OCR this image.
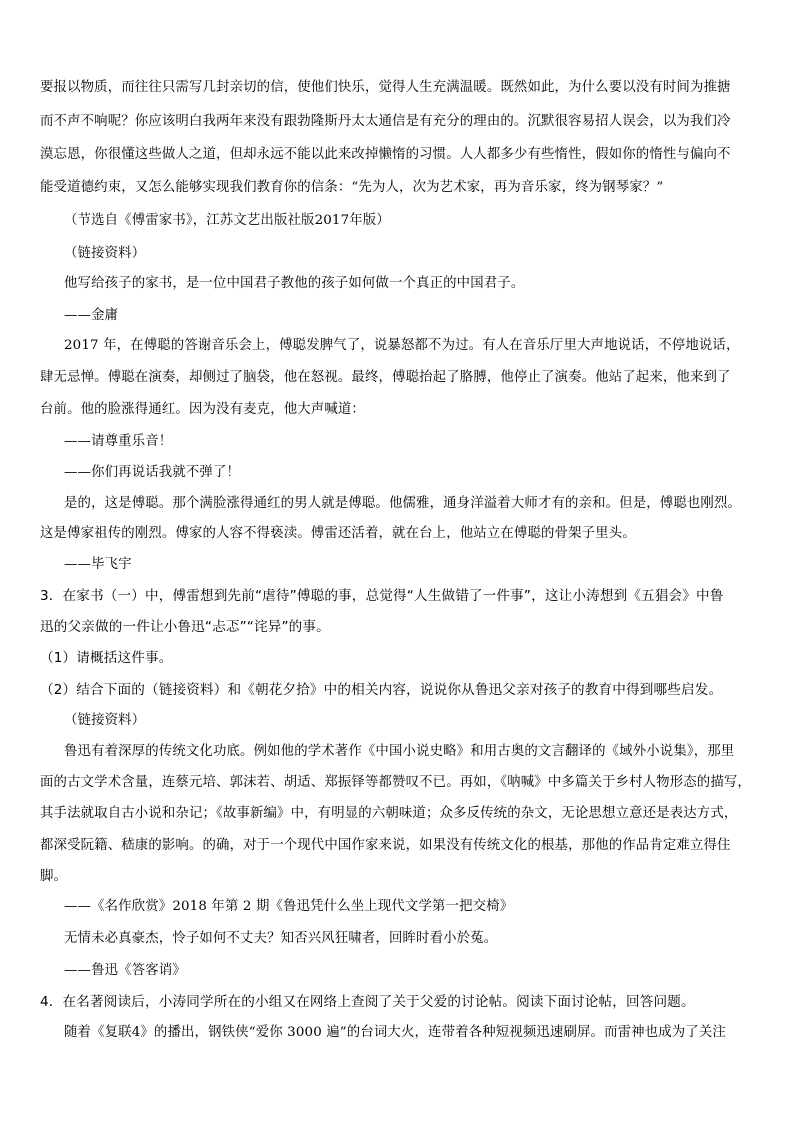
要报以物质，而往往只需写几封亲切的信，使他们快乐，觉得人生充满温暖。既然如此，为什么要以没有时间为推搪
而不声不响呢？你应该明白我两年来没有跟勃隆斯丹太太通信是有充分的理由的。沉默很容易招人误会，以为我们冷
漠忘恩，你很懂这些做人之道，但却永远不能以此来改掉懒惰的习惯。人人都多少有些惰性，假如你的惰性与偏向不
能受道德约束，又怎么能够实现我们教育你的信条：“先为人，次为艺术家，再为音乐家，终为钢琴家？”
（节选自《傅雷家书》，江苏文艺出版社版2017年版）
（链接资料）
他写给孩子的家书，是一位中国君子教他的孩子如何做一个真正的中国君子。
——金庸
2017 年，在傅聪的答谢音乐会上，傅聪发脾气了，说暴怒都不为过。有人在音乐厅里大声地说话，不停地说话，
肆无忌惮。傅聪在演奏，却侧过了脑袋，他在怒视。最终，傅聪抬起了胳膊，他停止了演奏。他站了起来，他来到了
台前。他的脸涨得通红。因为没有麦克，他大声喊道：
——请尊重乐音！
——你们再说话我就不弹了！
是的，这是傅聪。那个满脸涨得通红的男人就是傅聪。他儒雅，通身洋溢着大师才有的亲和。但是，傅聪也刚烈。
这是傅家祖传的刚烈。傅家的人容不得亵渎。傅雷还活着，就在台上，他站立在傅聪的骨架子里头。
——毕飞宇
3．在家书（一）中，傅雷想到先前“虐待”傅聪的事，总觉得“人生做错了一件事”，这让小涛想到《五猖会》中鲁
迅的父亲做的一件让小鲁迅“忐忑”“诧异”的事。
（1）请概括这件事。
（2）结合下面的（链接资料）和《朝花夕拾》中的相关内容，说说你从鲁迅父亲对孩子的教育中得到哪些启发。
（链接资料）
鲁迅有着深厚的传统文化功底。例如他的学术著作《中国小说史略》和用古奥的文言翻译的《域外小说集》，那里
面的古文学术含量，连蔡元培、郭沫若、胡适、郑振铎等都赞叹不已。再如，《呐喊》中多篇关于乡村人物形态的描写，
其手法就取自古小说和杂记；《故事新编》中，有明显的六朝味道；众多反传统的杂文，无论思想立意还是表达方式，
都深受阮籍、嵇康的影响。的确，对于一个现代中国作家来说，如果没有传统文化的根基，那他的作品肯定难立得住
脚。
——《名作欣赏》2018 年第 2 期《鲁迅凭什么坐上现代文学第一把交椅》
无情未必真豪杰，怜子如何不丈夫？知否兴风狂啸者，回眸时看小於菟。
——鲁迅《答客诮》
4．在名著阅读后，小涛同学所在的小组又在网络上查阅了关于父爱的讨论帖。阅读下面讨论帖，回答问题。
随着《复联4》的播出，钢铁侠“爱你 3000 遍”的台词大火，连带着各种短视频迅速刷屏。而雷神也成为了关注
